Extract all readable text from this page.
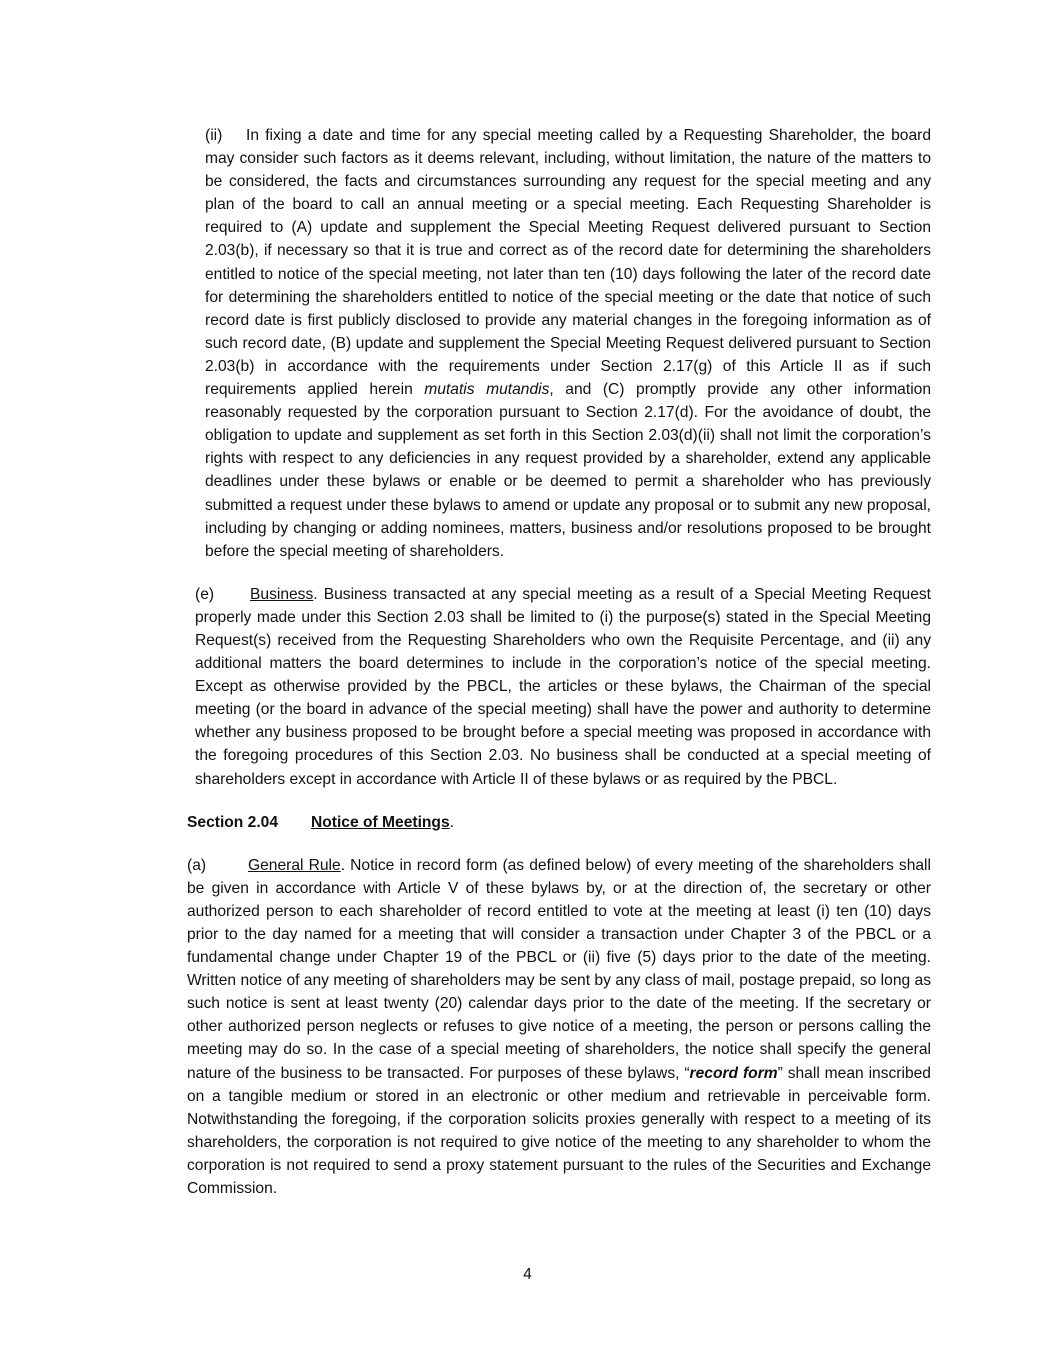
(ii) In fixing a date and time for any special meeting called by a Requesting Shareholder, the board may consider such factors as it deems relevant, including, without limitation, the nature of the matters to be considered, the facts and circumstances surrounding any request for the special meeting and any plan of the board to call an annual meeting or a special meeting. Each Requesting Shareholder is required to (A) update and supplement the Special Meeting Request delivered pursuant to Section 2.03(b), if necessary so that it is true and correct as of the record date for determining the shareholders entitled to notice of the special meeting, not later than ten (10) days following the later of the record date for determining the shareholders entitled to notice of the special meeting or the date that notice of such record date is first publicly disclosed to provide any material changes in the foregoing information as of such record date, (B) update and supplement the Special Meeting Request delivered pursuant to Section 2.03(b) in accordance with the requirements under Section 2.17(g) of this Article II as if such requirements applied herein mutatis mutandis, and (C) promptly provide any other information reasonably requested by the corporation pursuant to Section 2.17(d). For the avoidance of doubt, the obligation to update and supplement as set forth in this Section 2.03(d)(ii) shall not limit the corporation’s rights with respect to any deficiencies in any request provided by a shareholder, extend any applicable deadlines under these bylaws or enable or be deemed to permit a shareholder who has previously submitted a request under these bylaws to amend or update any proposal or to submit any new proposal, including by changing or adding nominees, matters, business and/or resolutions proposed to be brought before the special meeting of shareholders.

(e) Business. Business transacted at any special meeting as a result of a Special Meeting Request properly made under this Section 2.03 shall be limited to (i) the purpose(s) stated in the Special Meeting Request(s) received from the Requesting Shareholders who own the Requisite Percentage, and (ii) any additional matters the board determines to include in the corporation’s notice of the special meeting. Except as otherwise provided by the PBCL, the articles or these bylaws, the Chairman of the special meeting (or the board in advance of the special meeting) shall have the power and authority to determine whether any business proposed to be brought before a special meeting was proposed in accordance with the foregoing procedures of this Section 2.03. No business shall be conducted at a special meeting of shareholders except in accordance with Article II of these bylaws or as required by the PBCL.

Section 2.04 Notice of Meetings.

(a)	General Rule. Notice in record form (as defined below) of every meeting of the shareholders shall be given in accordance with Article V of these bylaws by, or at the direction of, the secretary or other authorized person to each shareholder of record entitled to vote at the meeting at least (i) ten (10) days prior to the day named for a meeting that will consider a transaction under Chapter 3 of the PBCL or a fundamental change under Chapter 19 of the PBCL or (ii) five (5) days prior to the date of the meeting. Written notice of any meeting of shareholders may be sent by any class of mail, postage prepaid, so long as such notice is sent at least twenty (20) calendar days prior to the date of the meeting. If the secretary or other authorized person neglects or refuses to give notice of a meeting, the person or persons calling the meeting may do so. In the case of a special meeting of shareholders, the notice shall specify the general nature of the business to be transacted. For purposes of these bylaws, “record form” shall mean inscribed on a tangible medium or stored in an electronic or other medium and retrievable in perceivable form. Notwithstanding the foregoing, if the corporation solicits proxies generally with respect to a meeting of its shareholders, the corporation is not required to give notice of the meeting to any shareholder to whom the corporation is not required to send a proxy statement pursuant to the rules of the Securities and Exchange Commission.

4
